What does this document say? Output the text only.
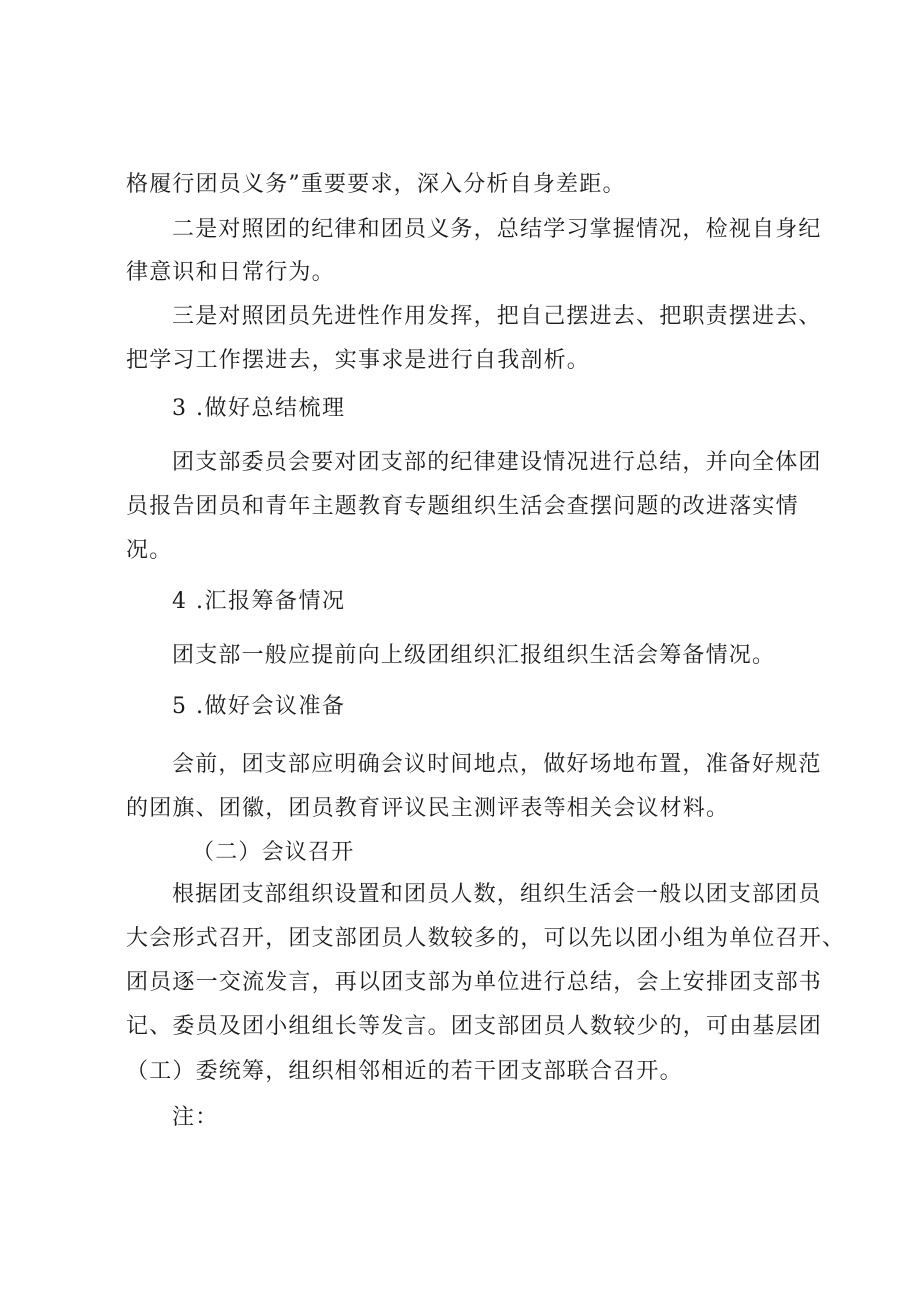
格履行团员义务”重要要求，深入分析自身差距。
二是对照团的纪律和团员义务，总结学习掌握情况，检视自身纪
律意识和日常行为。
三是对照团员先进性作用发挥，把自己摆进去、把职责摆进去、
把学习工作摆进去，实事求是进行自我剖析。
3 .做好总结梳理
团支部委员会要对团支部的纪律建设情况进行总结，并向全体团
员报告团员和青年主题教育专题组织生活会查摆问题的改进落实情
况。
4 .汇报筹备情况
团支部一般应提前向上级团组织汇报组织生活会筹备情况。
5 .做好会议准备
会前，团支部应明确会议时间地点，做好场地布置，准备好规范
的团旗、团徽，团员教育评议民主测评表等相关会议材料。
（二）会议召开
根据团支部组织设置和团员人数，组织生活会一般以团支部团员
大会形式召开，团支部团员人数较多的，可以先以团小组为单位召开、
团员逐一交流发言，再以团支部为单位进行总结，会上安排团支部书
记、委员及团小组组长等发言。团支部团员人数较少的，可由基层团
（工）委统筹，组织相邻相近的若干团支部联合召开。
注：
